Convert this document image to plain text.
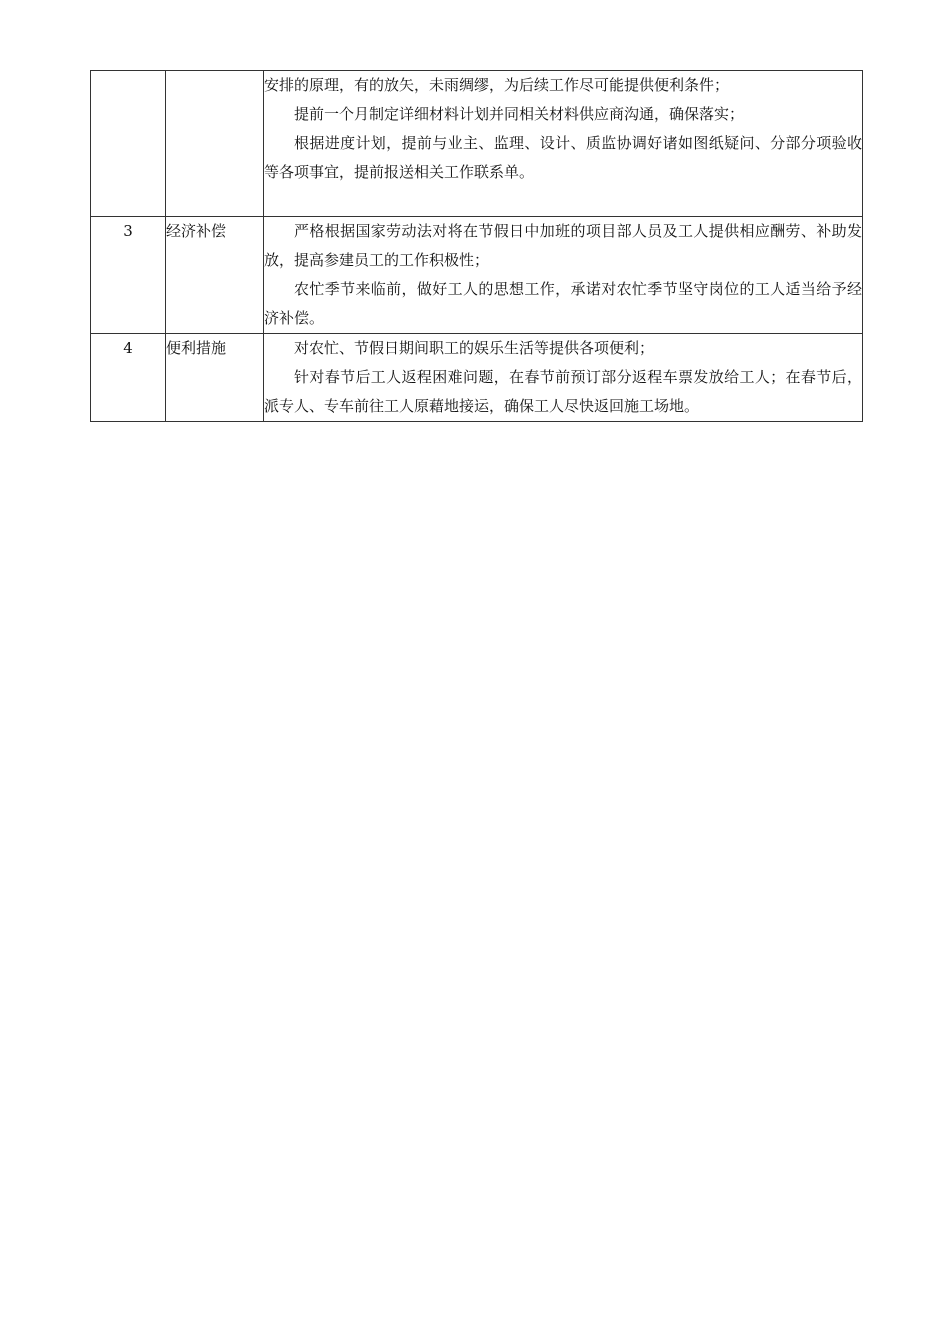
		安排的原理，有的放矢，未雨绸缪，为后续工作尽可能提供便利条件；

提前一个月制定详细材料计划并同相关材料供应商沟通，确保落实；

根据进度计划，提前与业主、监理、设计、质监协调好诸如图纸疑问、分部分项验收等各项事宜，提前报送相关工作联系单。

3	经济补偿	严格根据国家劳动法对将在节假日中加班的项目部人员及工人提供相应酬劳、补助发放，提高参建员工的工作积极性；

农忙季节来临前，做好工人的思想工作，承诺对农忙季节坚守岗位的工人适当给予经济补偿。

4	便利措施	对农忙、节假日期间职工的娱乐生活等提供各项便利；

针对春节后工人返程困难问题，在春节前预订部分返程车票发放给工人；在春节后，派专人、专车前往工人原藉地接运，确保工人尽快返回施工场地。
